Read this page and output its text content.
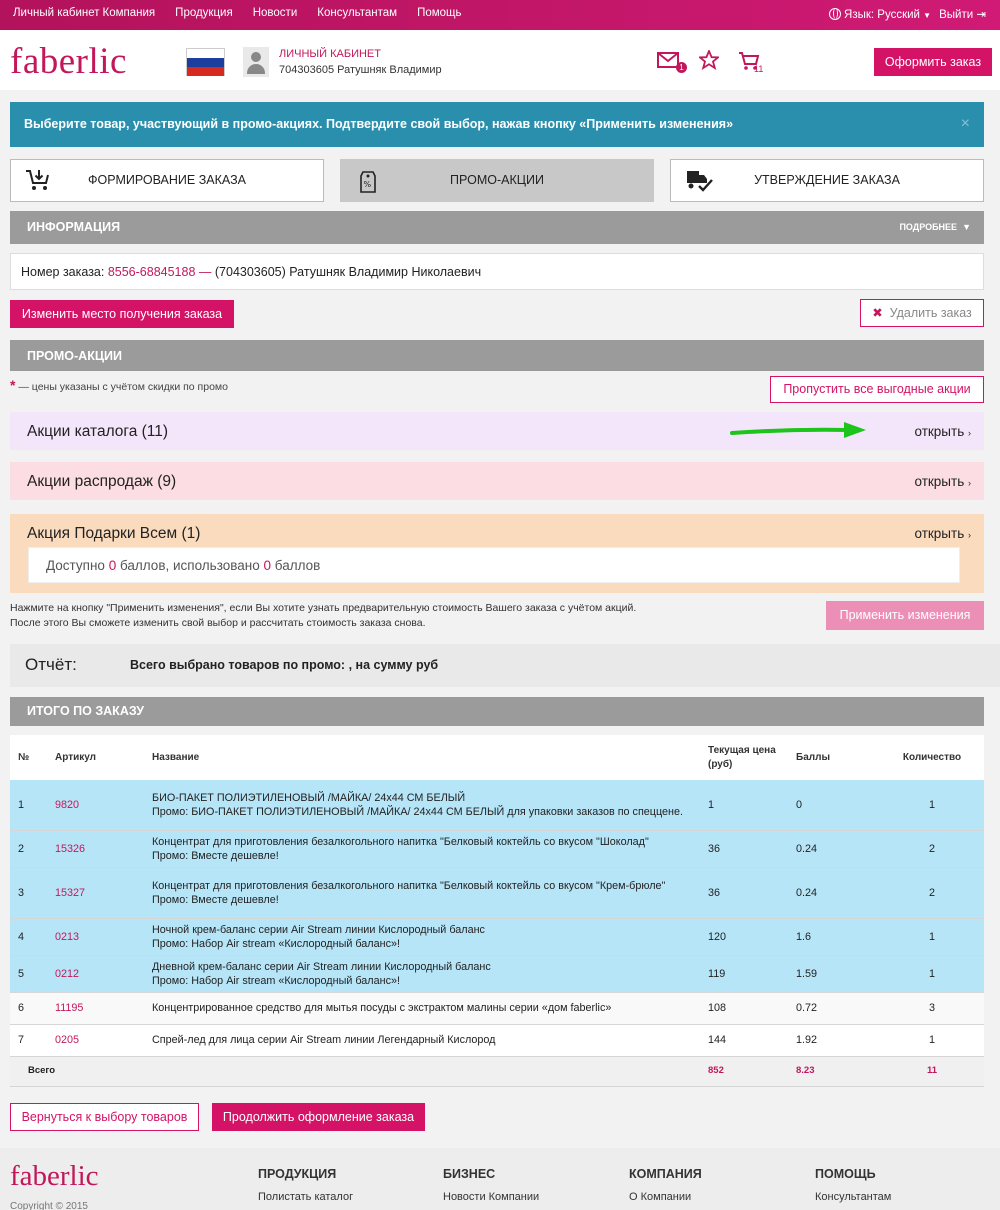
Личный кабинет Компания Продукция Новости Консультантам Помощь	Язык: Русский ▼ Выйти ⇥
faberlic	ЛИЧНЫЙ КАБИНЕТ
704303605 Ратушняк Владимир	1	11	Оформить заказ
Выберите товар, участвующий в промо-акциях. Подтвердите свой выбор, нажав кнопку «Применить изменения»	×
ФОРМИРОВАНИЕ ЗАКАЗА	%	ПРОМО-АКЦИИ	УТВЕРЖДЕНИЕ ЗАКАЗА
ИНФОРМАЦИЯ	ПОДРОБНЕЕ ▼
Номер заказа: 8556-68845188 — (704303605) Ратушняк Владимир Николаевич
Изменить место получения заказа	✖ Удалить заказ
ПРОМО-АКЦИИ
* — цены указаны с учётом скидки по промо	Пропустить все выгодные акции
Акции каталога (11)	открыть ›
Акции распродаж (9)	открыть ›
Акция Подарки Всем (1)	открыть ›
Доступно 0 баллов, использовано 0 баллов
Нажмите на кнопку "Применить изменения", если Вы хотите узнать предварительную стоимость Вашего заказа с учётом акций.
После этого Вы сможете изменить свой выбор и рассчитать стоимость заказа снова.
Применить изменения
Отчёт:	Всего выбрано товаров по промо: , на сумму руб
ИТОГО ПО ЗАКАЗУ
№	Артикул	Название	Текущая цена (руб)	Баллы	Количество
1	9820	БИО-ПАКЕТ ПОЛИЭТИЛЕНОВЫЙ /МАЙКА/ 24x44 СМ БЕЛЫЙ
Промо: БИО-ПАКЕТ ПОЛИЭТИЛЕНОВЫЙ /МАЙКА/ 24x44 СМ БЕЛЫЙ для упаковки заказов по спеццене.	1	0	1
2	15326	Концентрат для приготовления безалкогольного напитка "Белковый коктейль со вкусом "Шоколад"
Промо: Вместе дешевле!	36	0.24	2
3	15327	Концентрат для приготовления безалкогольного напитка "Белковый коктейль со вкусом "Крем-брюле"
Промо: Вместе дешевле!	36	0.24	2
4	0213	Ночной крем-баланс серии Air Stream линии Кислородный баланс
Промо: Набор Air stream «Кислородный баланс»!	120	1.6	1
5	0212	Дневной крем-баланс серии Air Stream линии Кислородный баланс
Промо: Набор Air stream «Кислородный баланс»!	119	1.59	1
6	11195	Концентрированное средство для мытья посуды с экстрактом малины серии «дом faberlic»	108	0.72	3
7	0205	Спрей-лед для лица серии Air Stream линии Легендарный Кислород	144	1.92	1
Всего			852	8.23	11
Вернуться к выбору товаров	Продолжить оформление заказа
faberlic
Copyright © 2015
ПРОДУКЦИЯ
Полистать каталог
БИЗНЕС
Новости Компании
КОМПАНИЯ
О Компании
ПОМОЩЬ
Консультантам
